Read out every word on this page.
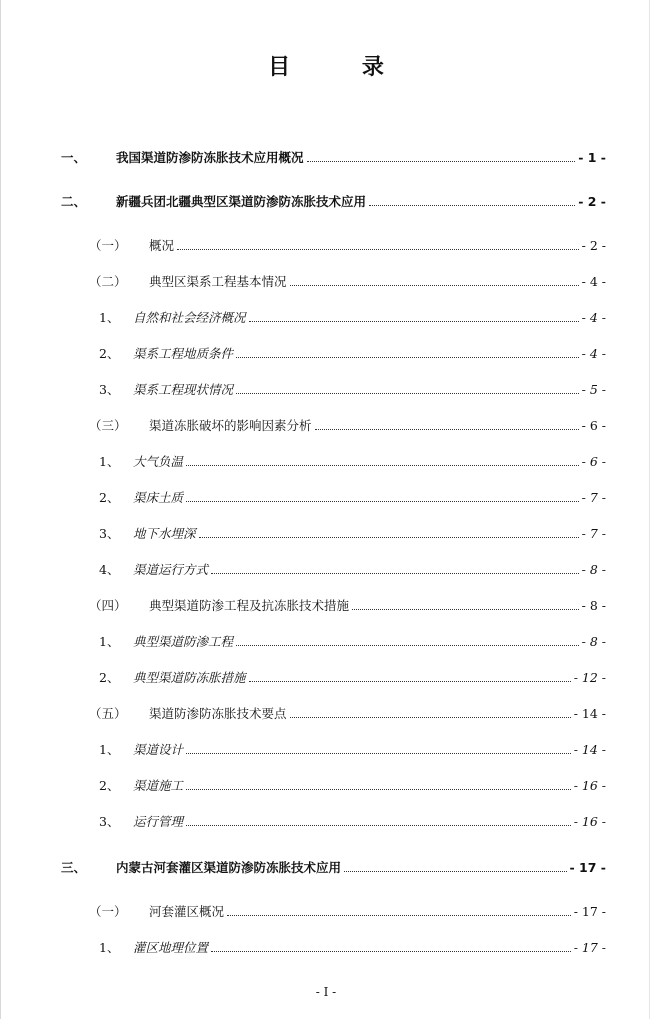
目 录
一、	我国渠道防渗防冻胀技术应用概况	- 1 -
二、	新疆兵团北疆典型区渠道防渗防冻胀技术应用	- 2 -
（一）	概况	- 2 -
（二）	典型区渠系工程基本情况	- 4 -
1、	自然和社会经济概况	- 4 -
2、	渠系工程地质条件	- 4 -
3、	渠系工程现状情况	- 5 -
（三）	渠道冻胀破坏的影响因素分析	- 6 -
1、	大气负温	- 6 -
2、	渠床土质	- 7 -
3、	地下水埋深	- 7 -
4、	渠道运行方式	- 8 -
（四）	典型渠道防渗工程及抗冻胀技术措施	- 8 -
1、	典型渠道防渗工程	- 8 -
2、	典型渠道防冻胀措施	- 12 -
（五）	渠道防渗防冻胀技术要点	- 14 -
1、	渠道设计	- 14 -
2、	渠道施工	- 16 -
3、	运行管理	- 16 -
三、	内蒙古河套灌区渠道防渗防冻胀技术应用	- 17 -
（一）	河套灌区概况	- 17 -
1、	灌区地理位置	- 17 -
- I -
